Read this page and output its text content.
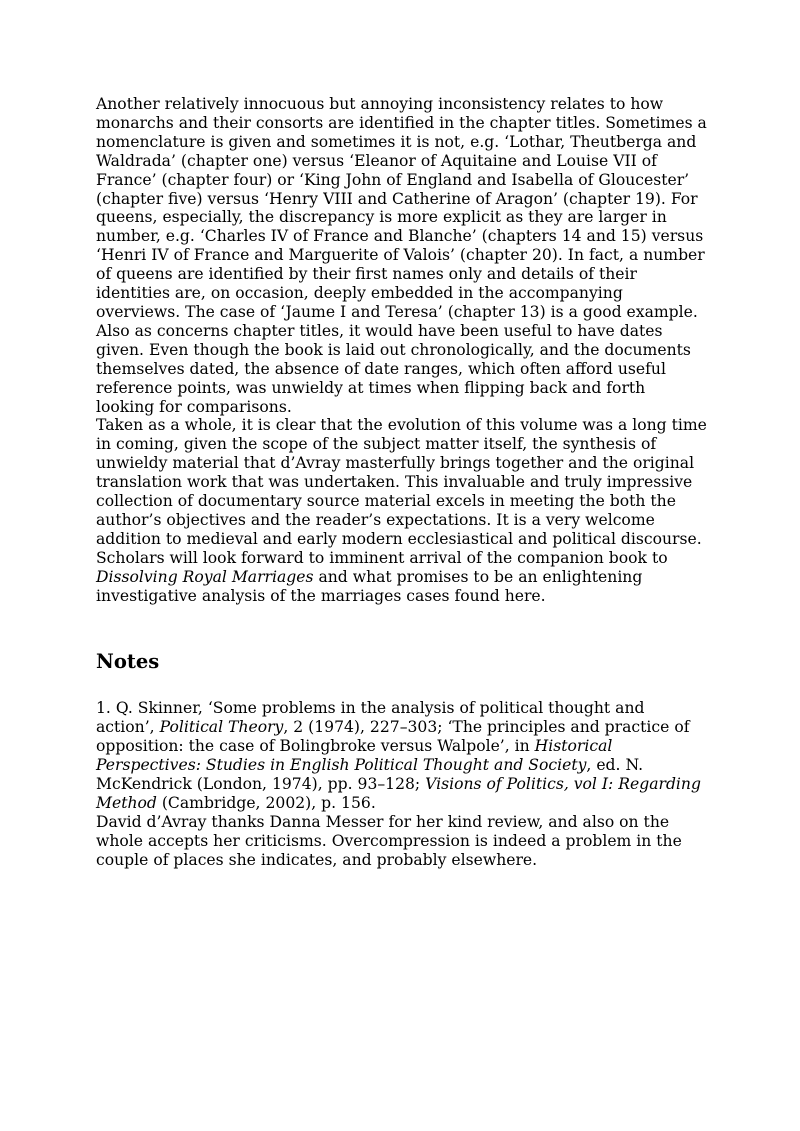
Another relatively innocuous but annoying inconsistency relates to how monarchs and their consorts are identified in the chapter titles. Sometimes a nomenclature is given and sometimes it is not, e.g. ‘Lothar, Theutberga and Waldrada’ (chapter one) versus ‘Eleanor of Aquitaine and Louise VII of France’ (chapter four) or ‘King John of England and Isabella of Gloucester’ (chapter five) versus ‘Henry VIII and Catherine of Aragon’ (chapter 19). For queens, especially, the discrepancy is more explicit as they are larger in number, e.g. ‘Charles IV of France and Blanche’ (chapters 14 and 15) versus ‘Henri IV of France and Marguerite of Valois’ (chapter 20). In fact, a number of queens are identified by their first names only and details of their identities are, on occasion, deeply embedded in the accompanying overviews. The case of ‘Jaume I and Teresa’ (chapter 13) is a good example. Also as concerns chapter titles, it would have been useful to have dates given. Even though the book is laid out chronologically, and the documents themselves dated, the absence of date ranges, which often afford useful reference points, was unwieldy at times when flipping back and forth looking for comparisons.

Taken as a whole, it is clear that the evolution of this volume was a long time in coming, given the scope of the subject matter itself, the synthesis of unwieldy material that d’Avray masterfully brings together and the original translation work that was undertaken. This invaluable and truly impressive collection of documentary source material excels in meeting the both the author’s objectives and the reader’s expectations. It is a very welcome addition to medieval and early modern ecclesiastical and political discourse. Scholars will look forward to imminent arrival of the companion book to Dissolving Royal Marriages and what promises to be an enlightening investigative analysis of the marriages cases found here.

Notes

1. Q. Skinner, ‘Some problems in the analysis of political thought and action’, Political Theory, 2 (1974), 227–303; ‘The principles and practice of opposition: the case of Bolingbroke versus Walpole’, in Historical Perspectives: Studies in English Political Thought and Society, ed. N. McKendrick (London, 1974), pp. 93–128; Visions of Politics, vol I: Regarding Method (Cambridge, 2002), p. 156.

David d’Avray thanks Danna Messer for her kind review, and also on the whole accepts her criticisms. Overcompression is indeed a problem in the couple of places she indicates, and probably elsewhere.
